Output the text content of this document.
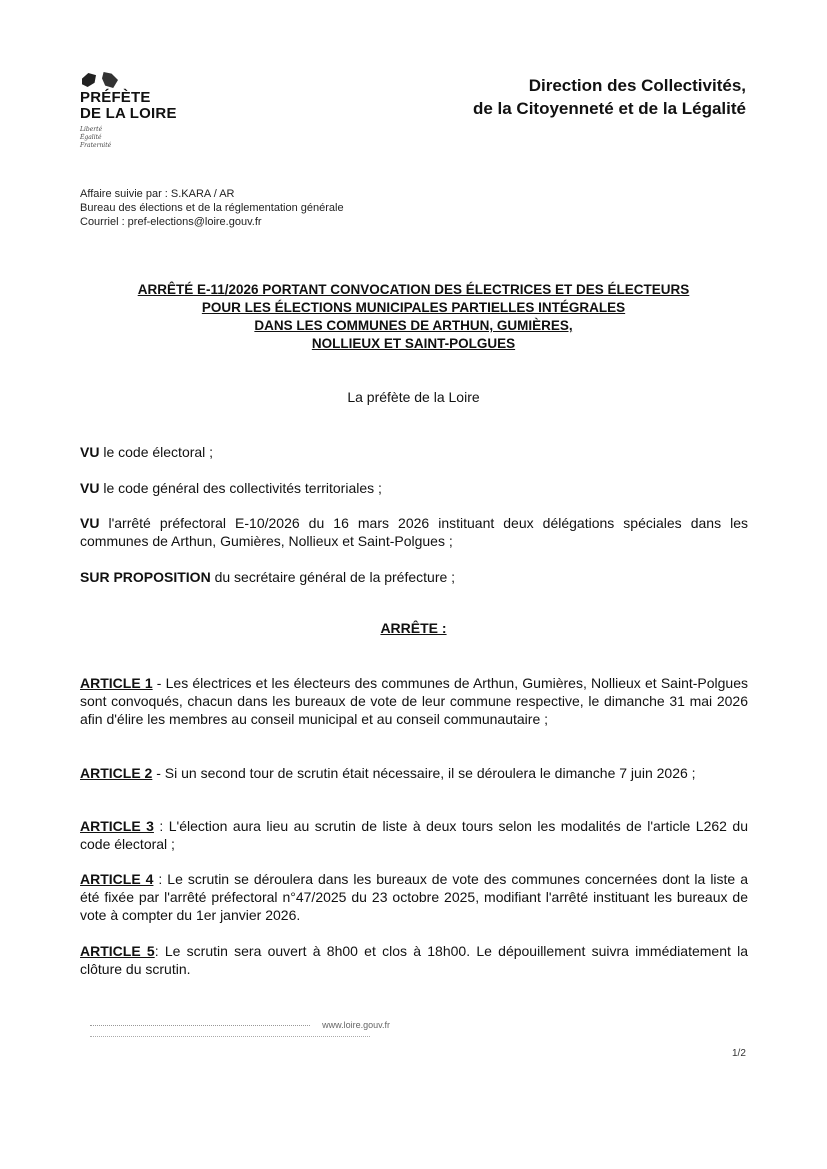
PRÉFÈTE
DE LA LOIRE
Liberté
Égalité
Fraternité
Direction des Collectivités,
de la Citoyenneté et de la Légalité
Affaire suivie par : S.KARA / AR
Bureau des élections et de la réglementation générale
Courriel : pref-elections@loire.gouv.fr
ARRÊTÉ E-11/2026 PORTANT CONVOCATION DES ÉLECTRICES ET DES ÉLECTEURS
POUR LES ÉLECTIONS MUNICIPALES PARTIELLES INTÉGRALES
DANS LES COMMUNES DE ARTHUN, GUMIÈRES,
NOLLIEUX ET SAINT-POLGUES
La préfète de la Loire
VU le code électoral ;
VU le code général des collectivités territoriales ;
VU l'arrêté préfectoral E-10/2026 du 16 mars 2026 instituant deux délégations spéciales dans les communes de Arthun, Gumières, Nollieux et Saint-Polgues ;
SUR PROPOSITION du secrétaire général de la préfecture ;
ARRÊTE :
ARTICLE 1 - Les électrices et les électeurs des communes de Arthun, Gumières, Nollieux et Saint-Polgues sont convoqués, chacun dans les bureaux de vote de leur commune respective, le dimanche 31 mai 2026 afin d'élire les membres au conseil municipal et au conseil communautaire ;
ARTICLE 2 - Si un second tour de scrutin était nécessaire, il se déroulera le dimanche 7 juin 2026 ;
ARTICLE 3 : L'élection aura lieu au scrutin de liste à deux tours selon les modalités de l'article L262 du code électoral ;
ARTICLE 4 : Le scrutin se déroulera dans les bureaux de vote des communes concernées dont la liste a été fixée par l'arrêté préfectoral n°47/2025 du 23 octobre 2025, modifiant l'arrêté instituant les bureaux de vote à compter du 1er janvier 2026.
ARTICLE 5: Le scrutin sera ouvert à 8h00 et clos à 18h00. Le dépouillement suivra immédiatement la clôture du scrutin.
www.loire.gouv.fr
1/2
